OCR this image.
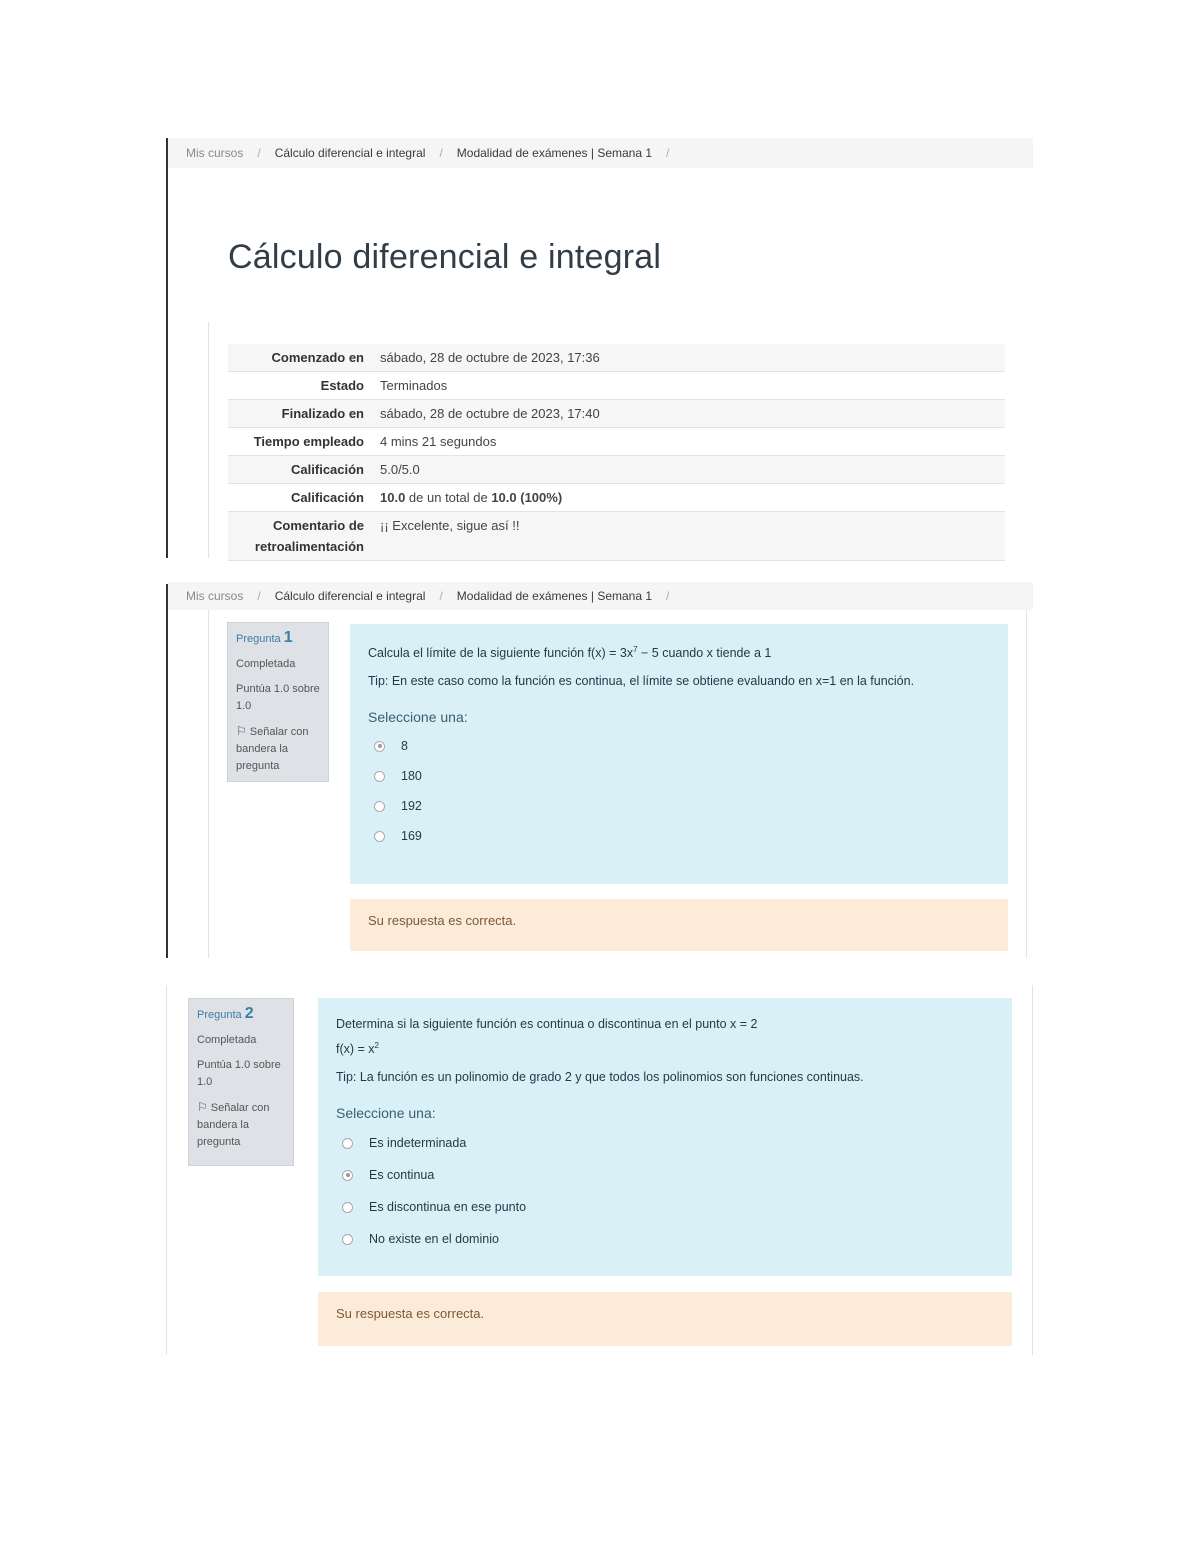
Mis cursos / Cálculo diferencial e integral / Modalidad de exámenes | Semana 1 /
Cálculo diferencial e integral
Comenzado en	sábado, 28 de octubre de 2023, 17:36
Estado	Terminados
Finalizado en	sábado, 28 de octubre de 2023, 17:40
Tiempo empleado	4 mins 21 segundos
Calificación	5.0/5.0
Calificación	10.0 de un total de 10.0 (100%)
Comentario de retroalimentación	¡¡ Excelente, sigue así !!
Mis cursos / Cálculo diferencial e integral / Modalidad de exámenes | Semana 1 /
Pregunta 1
Completada
Puntúa 1.0 sobre 1.0
⚐ Señalar con bandera la pregunta

Calcula el límite de la siguiente función $f(x) = 3x^7 - 5$ cuando x tiende a 1

Tip: En este caso como la función es continua, el límite se obtiene evaluando en x=1 en la función.

Seleccione una:
8
180
192
169
Su respuesta es correcta.
Pregunta 2
Completada
Puntúa 1.0 sobre 1.0
⚐ Señalar con bandera la pregunta

Determina si la siguiente función es continua o discontinua en el punto x = 2

$f(x) = x^2$

Tip: La función es un polinomio de grado 2 y que todos los polinomios son funciones continuas.

Seleccione una:
Es indeterminada
Es continua
Es discontinua en ese punto
No existe en el dominio
Su respuesta es correcta.
